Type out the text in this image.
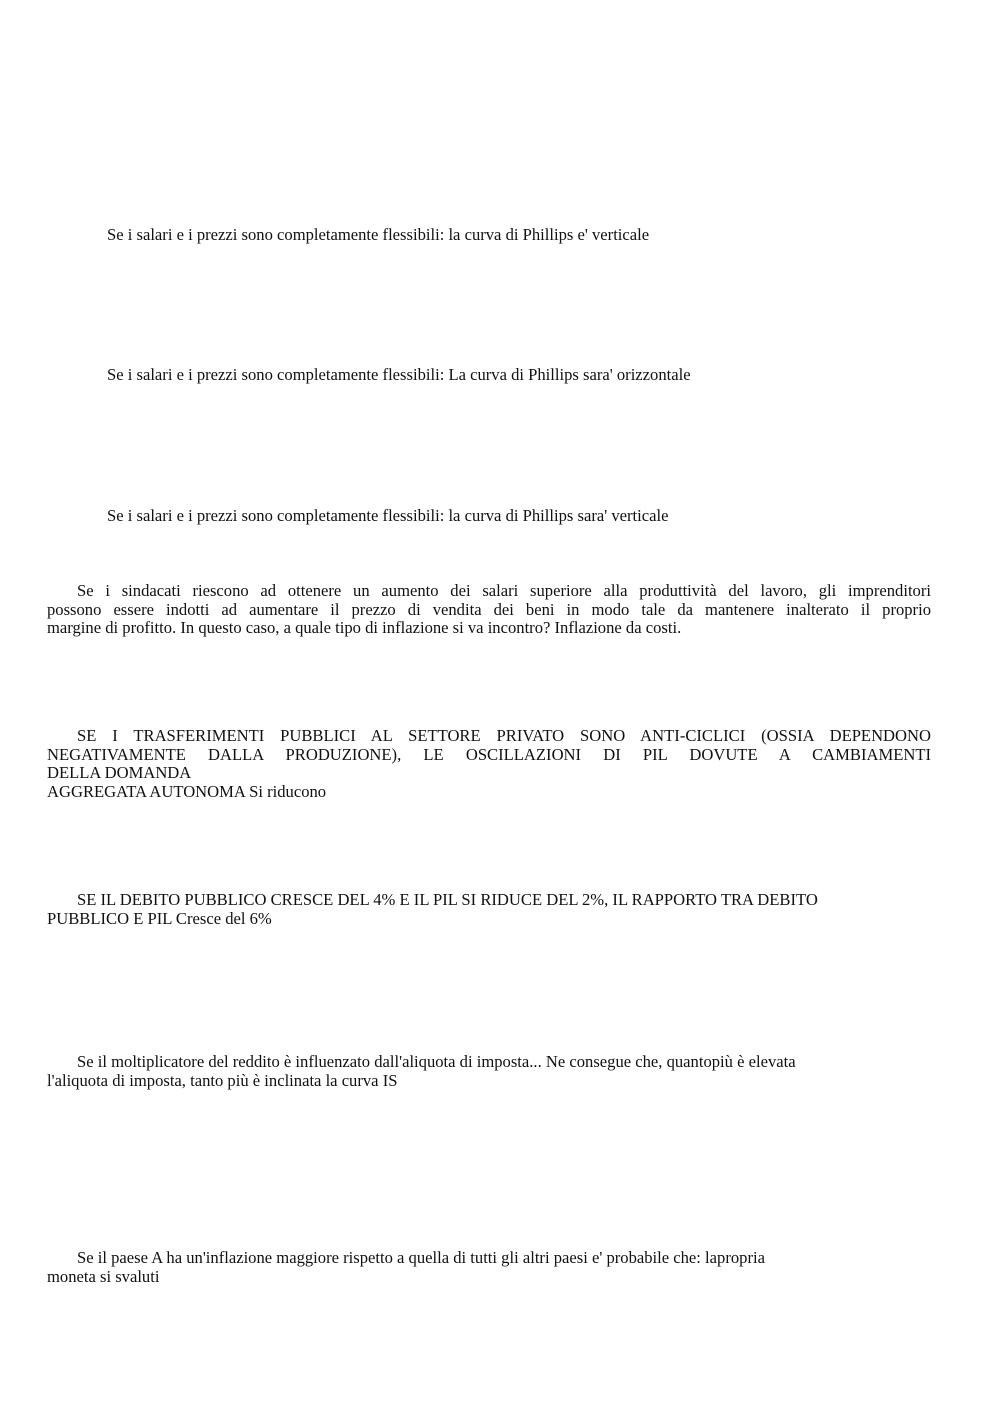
Se i salari e i prezzi sono completamente flessibili: la curva di Phillips e' verticale
Se i salari e i prezzi sono completamente flessibili: La curva di Phillips sara' orizzontale
Se i salari e i prezzi sono completamente flessibili: la curva di Phillips sara' verticale
Se i sindacati riescono ad ottenere un aumento dei salari superiore alla produttività del lavoro, gli imprenditori
possono essere indotti ad aumentare il prezzo di vendita dei beni in modo tale da mantenere inalterato il proprio
margine di profitto. In questo caso, a quale tipo di inflazione si va incontro? Inflazione da costi.
SE I TRASFERIMENTI PUBBLICI AL SETTORE PRIVATO SONO ANTI-CICLICI (OSSIA DEPENDONO
NEGATIVAMENTE DALLA PRODUZIONE), LE OSCILLAZIONI DI PIL DOVUTE A CAMBIAMENTI
DELLA DOMANDA
AGGREGATA AUTONOMA Si riducono
SE IL DEBITO PUBBLICO CRESCE DEL 4% E IL PIL SI RIDUCE DEL 2%, IL RAPPORTO TRA DEBITO
PUBBLICO E PIL Cresce del 6%
Se il moltiplicatore del reddito è influenzato dall'aliquota di imposta... Ne consegue che, quantopiù è elevata
l'aliquota di imposta, tanto più è inclinata la curva IS
Se il paese A ha un'inflazione maggiore rispetto a quella di tutti gli altri paesi e' probabile che: lapropria
moneta si svaluti
